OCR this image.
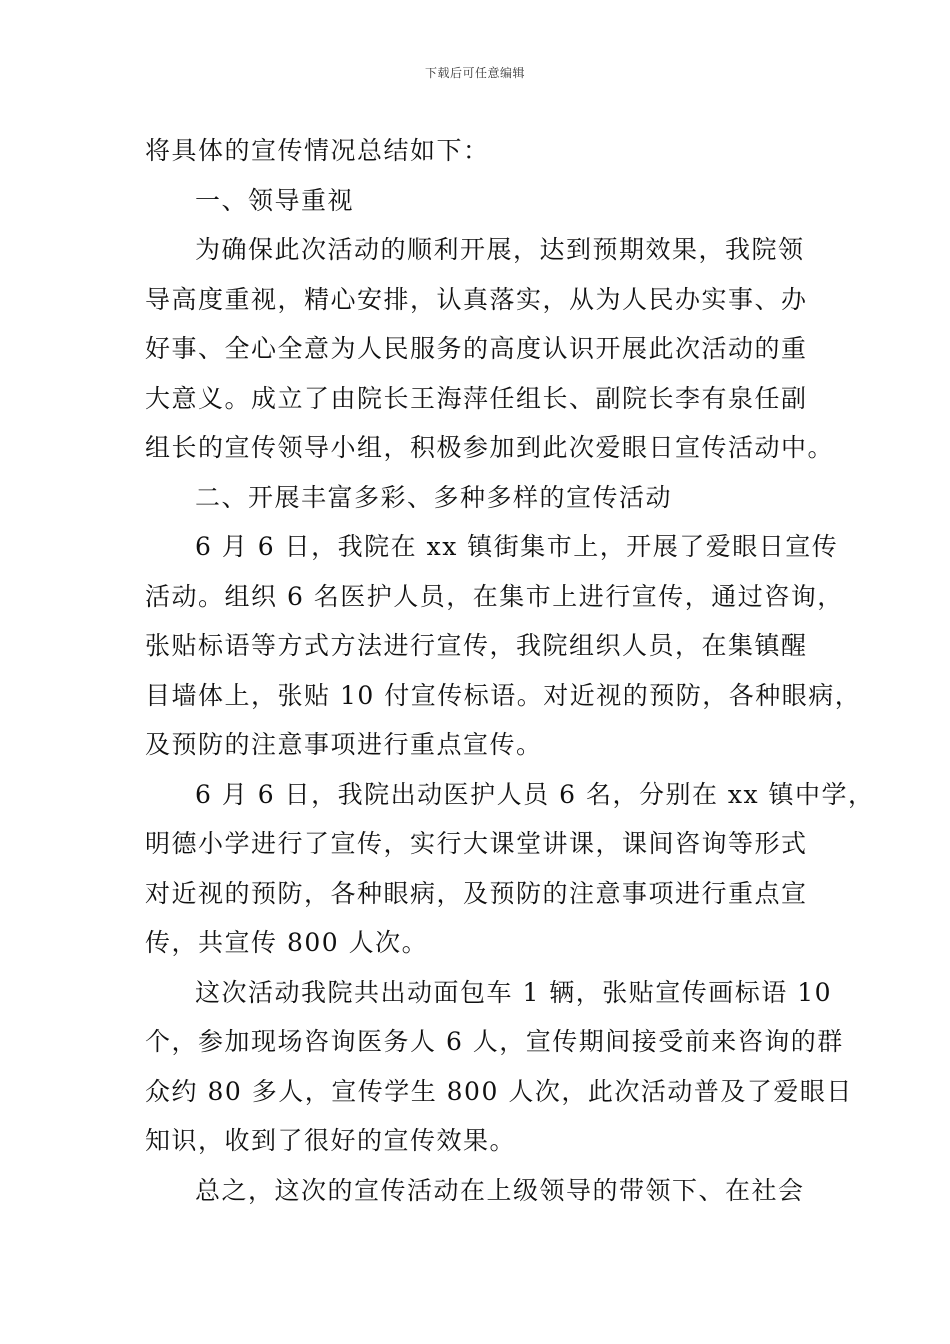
下载后可任意编辑
将具体的宣传情况总结如下：
一、领导重视
为确保此次活动的顺利开展，达到预期效果，我院领
导高度重视，精心安排，认真落实，从为人民办实事、办
好事、全心全意为人民服务的高度认识开展此次活动的重
大意义。成立了由院长王海萍任组长、副院长李有泉任副
组长的宣传领导小组，积极参加到此次爱眼日宣传活动中。
二、开展丰富多彩、多种多样的宣传活动
6 月 6 日，我院在 xx 镇街集市上，开展了爱眼日宣传
活动。组织 6 名医护人员，在集市上进行宣传，通过咨询，
张贴标语等方式方法进行宣传，我院组织人员，在集镇醒
目墙体上，张贴 10 付宣传标语。对近视的预防，各种眼病，
及预防的注意事项进行重点宣传。
6 月 6 日，我院出动医护人员 6 名，分别在 xx 镇中学，
明德小学进行了宣传，实行大课堂讲课，课间咨询等形式
对近视的预防，各种眼病，及预防的注意事项进行重点宣
传，共宣传 800 人次。
这次活动我院共出动面包车 1 辆，张贴宣传画标语 10
个，参加现场咨询医务人 6 人，宣传期间接受前来咨询的群
众约 80 多人，宣传学生 800 人次，此次活动普及了爱眼日
知识，收到了很好的宣传效果。
总之，这次的宣传活动在上级领导的带领下、在社会
